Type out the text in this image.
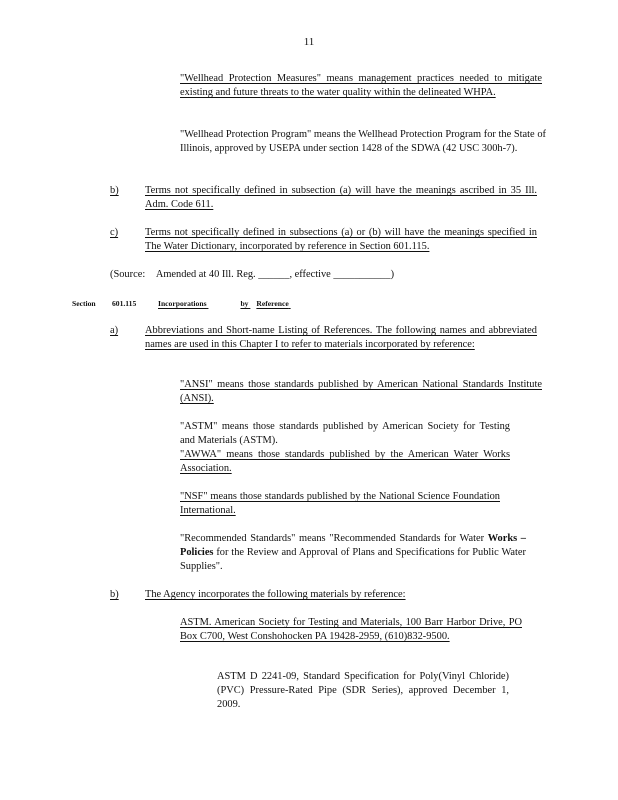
11
"Wellhead Protection Measures" means management practices needed to mitigate existing and future threats to the water quality within the delineated WHPA.
"Wellhead Protection Program" means the Wellhead Protection Program for the State of Illinois, approved by USEPA under section 1428 of the SDWA (42 USC 300h-7).
b)	Terms not specifically defined in subsection (a) will have the meanings ascribed in 35 Ill. Adm. Code 611.
c)	Terms not specifically defined in subsections (a) or (b) will have the meanings specified in The Water Dictionary, incorporated by reference in Section 601.115.
(Source: Amended at 40 Ill. Reg. ______, effective ___________)
Section 601.115	Incorporations	by Reference
a)	Abbreviations and Short-name Listing of References. The following names and abbreviated names are used in this Chapter I to refer to materials incorporated by reference:
"ANSI" means those standards published by American National Standards Institute (ANSI).
"ASTM" means those standards published by American Society for Testing and Materials (ASTM).
"AWWA" means those standards published by the American Water Works Association.
"NSF" means those standards published by the National Science Foundation International.
"Recommended Standards" means "Recommended Standards for Water Works – Policies for the Review and Approval of Plans and Specifications for Public Water Supplies".
b)	The Agency incorporates the following materials by reference:
ASTM. American Society for Testing and Materials, 100 Barr Harbor Drive, PO Box C700, West Conshohocken PA 19428-2959, (610)832-9500.
ASTM D 2241-09, Standard Specification for Poly(Vinyl Chloride) (PVC) Pressure-Rated Pipe (SDR Series), approved December 1, 2009.
